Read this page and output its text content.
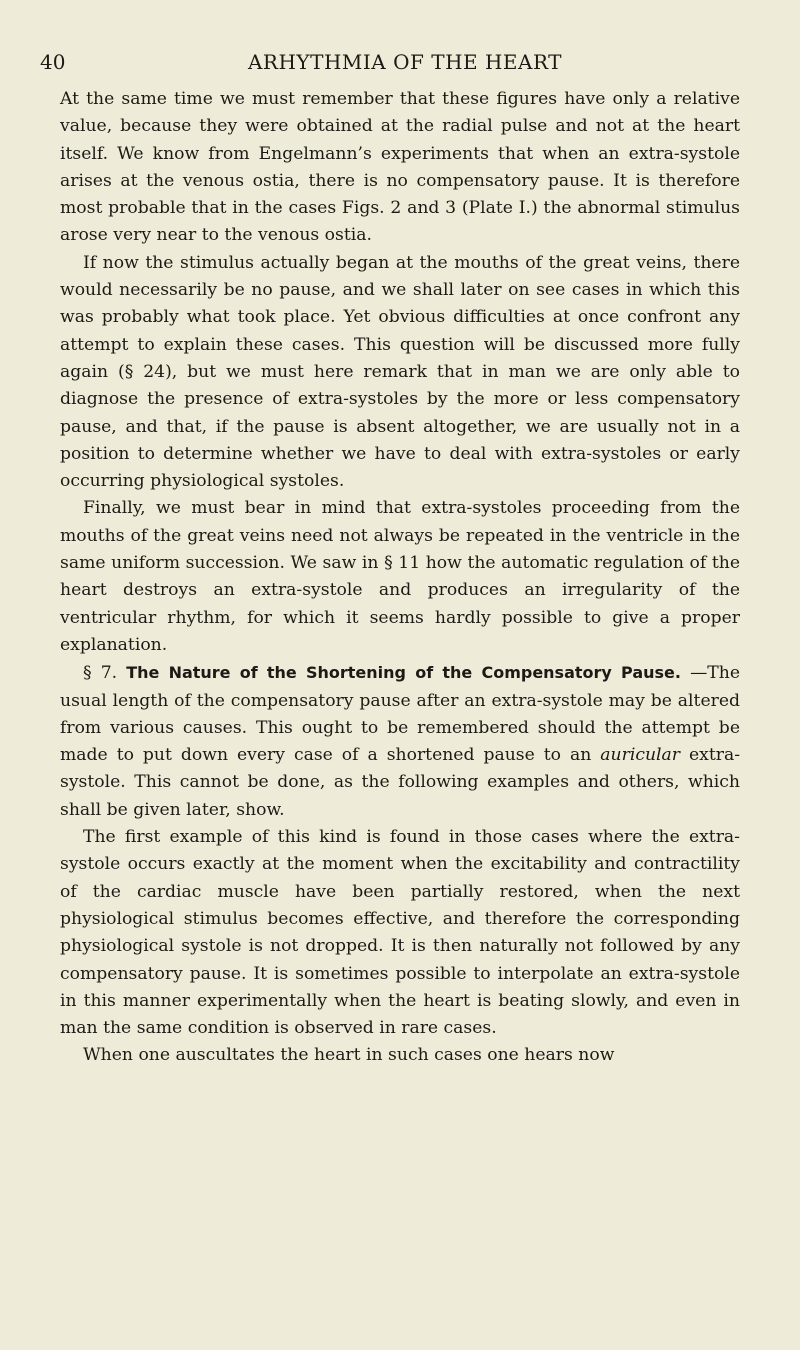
40	ARHYTHMIA OF THE HEART

At the same time we must remember that these figures have only a relative value, because they were obtained at the radial pulse and not at the heart itself. We know from Engelmann’s experiments that when an extra-systole arises at the venous ostia, there is no compensatory pause. It is therefore most probable that in the cases Figs. 2 and 3 (Plate I.) the abnormal stimulus arose very near to the venous ostia.

If now the stimulus actually began at the mouths of the great veins, there would necessarily be no pause, and we shall later on see cases in which this was probably what took place. Yet obvious difficulties at once confront any attempt to explain these cases. This question will be discussed more fully again (§ 24), but we must here remark that in man we are only able to diagnose the presence of extra-systoles by the more or less compensatory pause, and that, if the pause is absent altogether, we are usually not in a position to determine whether we have to deal with extra-systoles or early occurring physiological systoles.

Finally, we must bear in mind that extra-systoles proceeding from the mouths of the great veins need not always be repeated in the ventricle in the same uniform succession. We saw in § 11 how the automatic regulation of the heart destroys an extra-systole and produces an irregularity of the ventricular rhythm, for which it seems hardly possible to give a proper explanation.

§ 7. The Nature of the Shortening of the Compensatory Pause. —The usual length of the compensatory pause after an extra-systole may be altered from various causes. This ought to be remembered should the attempt be made to put down every case of a shortened pause to an auricular extra-systole. This cannot be done, as the following examples and others, which shall be given later, show.

The first example of this kind is found in those cases where the extra-systole occurs exactly at the moment when the excitability and contractility of the cardiac muscle have been partially restored, when the next physiological stimulus becomes effective, and therefore the corresponding physiological systole is not dropped. It is then naturally not followed by any compensatory pause. It is sometimes possible to interpolate an extra-systole in this manner experimentally when the heart is beating slowly, and even in man the same condition is observed in rare cases.

When one auscultates the heart in such cases one hears now
